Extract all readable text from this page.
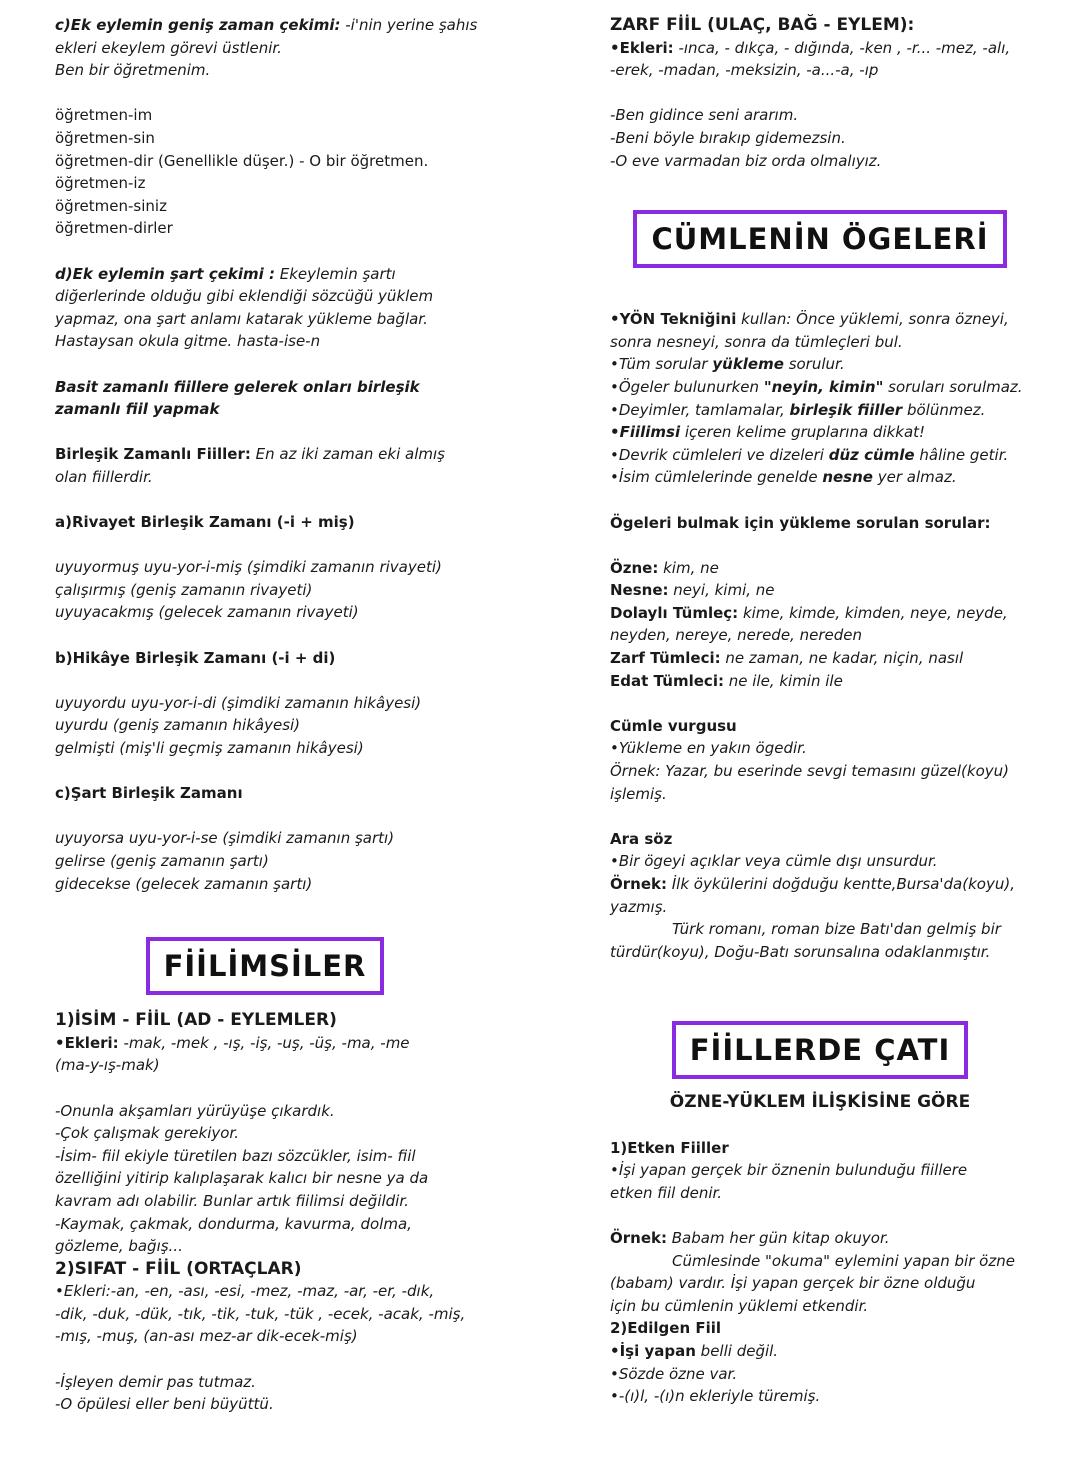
c)Ek eylemin geniş zaman çekimi: -i'nin yerine şahıs
ekleri ekeylem görevi üstlenir.
Ben bir öğretmenim.
öğretmen-im
öğretmen-sin
öğretmen-dir (Genellikle düşer.) - O bir öğretmen.
öğretmen-iz
öğretmen-siniz
öğretmen-dirler
d)Ek eylemin şart çekimi : Ekeylemin şartı
diğerlerinde olduğu gibi eklendiği sözcüğü yüklem
yapmaz, ona şart anlamı katarak yükleme bağlar.
Hastaysan okula gitme. hasta-ise-n
Basit zamanlı fiillere gelerek onları birleşik
zamanlı fiil yapmak
Birleşik Zamanlı Fiiller: En az iki zaman eki almış
olan fiillerdir.
a)Rivayet Birleşik Zamanı (-i + miş)
uyuyormuş uyu-yor-i-miş (şimdiki zamanın rivayeti)
çalışırmış (geniş zamanın rivayeti)
uyuyacakmış (gelecek zamanın rivayeti)
b)Hikâye Birleşik Zamanı (-i + di)
uyuyordu uyu-yor-i-di (şimdiki zamanın hikâyesi)
uyurdu (geniş zamanın hikâyesi)
gelmişti (miş'li geçmiş zamanın hikâyesi)
c)Şart Birleşik Zamanı
uyuyorsa uyu-yor-i-se (şimdiki zamanın şartı)
gelirse (geniş zamanın şartı)
gidecekse (gelecek zamanın şartı)
FİİLİMSİLER
1)İSİM - FİİL (AD - EYLEMLER)
•Ekleri: -mak, -mek , -ış, -iş, -uş, -üş, -ma, -me
(ma-y-ış-mak)
-Onunla akşamları yürüyüşe çıkardık.
-Çok çalışmak gerekiyor.
-İsim- fiil ekiyle türetilen bazı sözcükler, isim- fiil
özelliğini yitirip kalıplaşarak kalıcı bir nesne ya da
kavram adı olabilir. Bunlar artık fiilimsi değildir.
-Kaymak, çakmak, dondurma, kavurma, dolma,
gözleme, bağış...
2)SIFAT - FİİL (ORTAÇLAR)
•Ekleri:-an, -en, -ası, -esi, -mez, -maz, -ar, -er, -dık,
-dik, -duk, -dük, -tık, -tik, -tuk, -tük , -ecek, -acak, -miş,
-mış, -muş, (an-ası mez-ar dik-ecek-miş)
-İşleyen demir pas tutmaz.
-O öpülesi eller beni büyüttü.
ZARF FİİL (ULAÇ, BAĞ - EYLEM):
•Ekleri: -ınca, - dıkça, - dığında, -ken , -r... -mez, -alı,
-erek, -madan, -meksizin, -a...-a, -ıp
-Ben gidince seni ararım.
-Beni böyle bırakıp gidemezsin.
-O eve varmadan biz orda olmalıyız.
CÜMLENİN ÖGELERİ
•YÖN Tekniğini kullan: Önce yüklemi, sonra özneyi,
sonra nesneyi, sonra da tümleçleri bul.
•Tüm sorular yükleme sorulur.
•Ögeler bulunurken "neyin, kimin" soruları sorulmaz.
•Deyimler, tamlamalar, birleşik fiiller bölünmez.
•Fiilimsi içeren kelime gruplarına dikkat!
•Devrik cümleleri ve dizeleri düz cümle hâline getir.
•İsim cümlelerinde genelde nesne yer almaz.
Ögeleri bulmak için yükleme sorulan sorular:
Özne: kim, ne
Nesne: neyi, kimi, ne
Dolaylı Tümleç: kime, kimde, kimden, neye, neyde,
neyden, nereye, nerede, nereden
Zarf Tümleci: ne zaman, ne kadar, niçin, nasıl
Edat Tümleci: ne ile, kimin ile
Cümle vurgusu
•Yükleme en yakın ögedir.
Örnek: Yazar, bu eserinde sevgi temasını güzel(koyu)
işlemiş.
Ara söz
•Bir ögeyi açıklar veya cümle dışı unsurdur.
Örnek: İlk öykülerini doğduğu kentte,Bursa'da(koyu),
yazmış.
Türk romanı, roman bize Batı'dan gelmiş bir
türdür(koyu), Doğu-Batı sorunsalına odaklanmıştır.
FİİLLERDE ÇATI
ÖZNE-YÜKLEM İLİŞKİSİNE GÖRE
1)Etken Fiiller
•İşi yapan gerçek bir öznenin bulunduğu fiillere
etken fiil denir.
Örnek: Babam her gün kitap okuyor.
Cümlesinde "okuma" eylemini yapan bir özne
(babam) vardır. İşi yapan gerçek bir özne olduğu
için bu cümlenin yüklemi etkendir.
2)Edilgen Fiil
•İşi yapan belli değil.
•Sözde özne var.
•-(ı)l, -(ı)n ekleriyle türemiş.
